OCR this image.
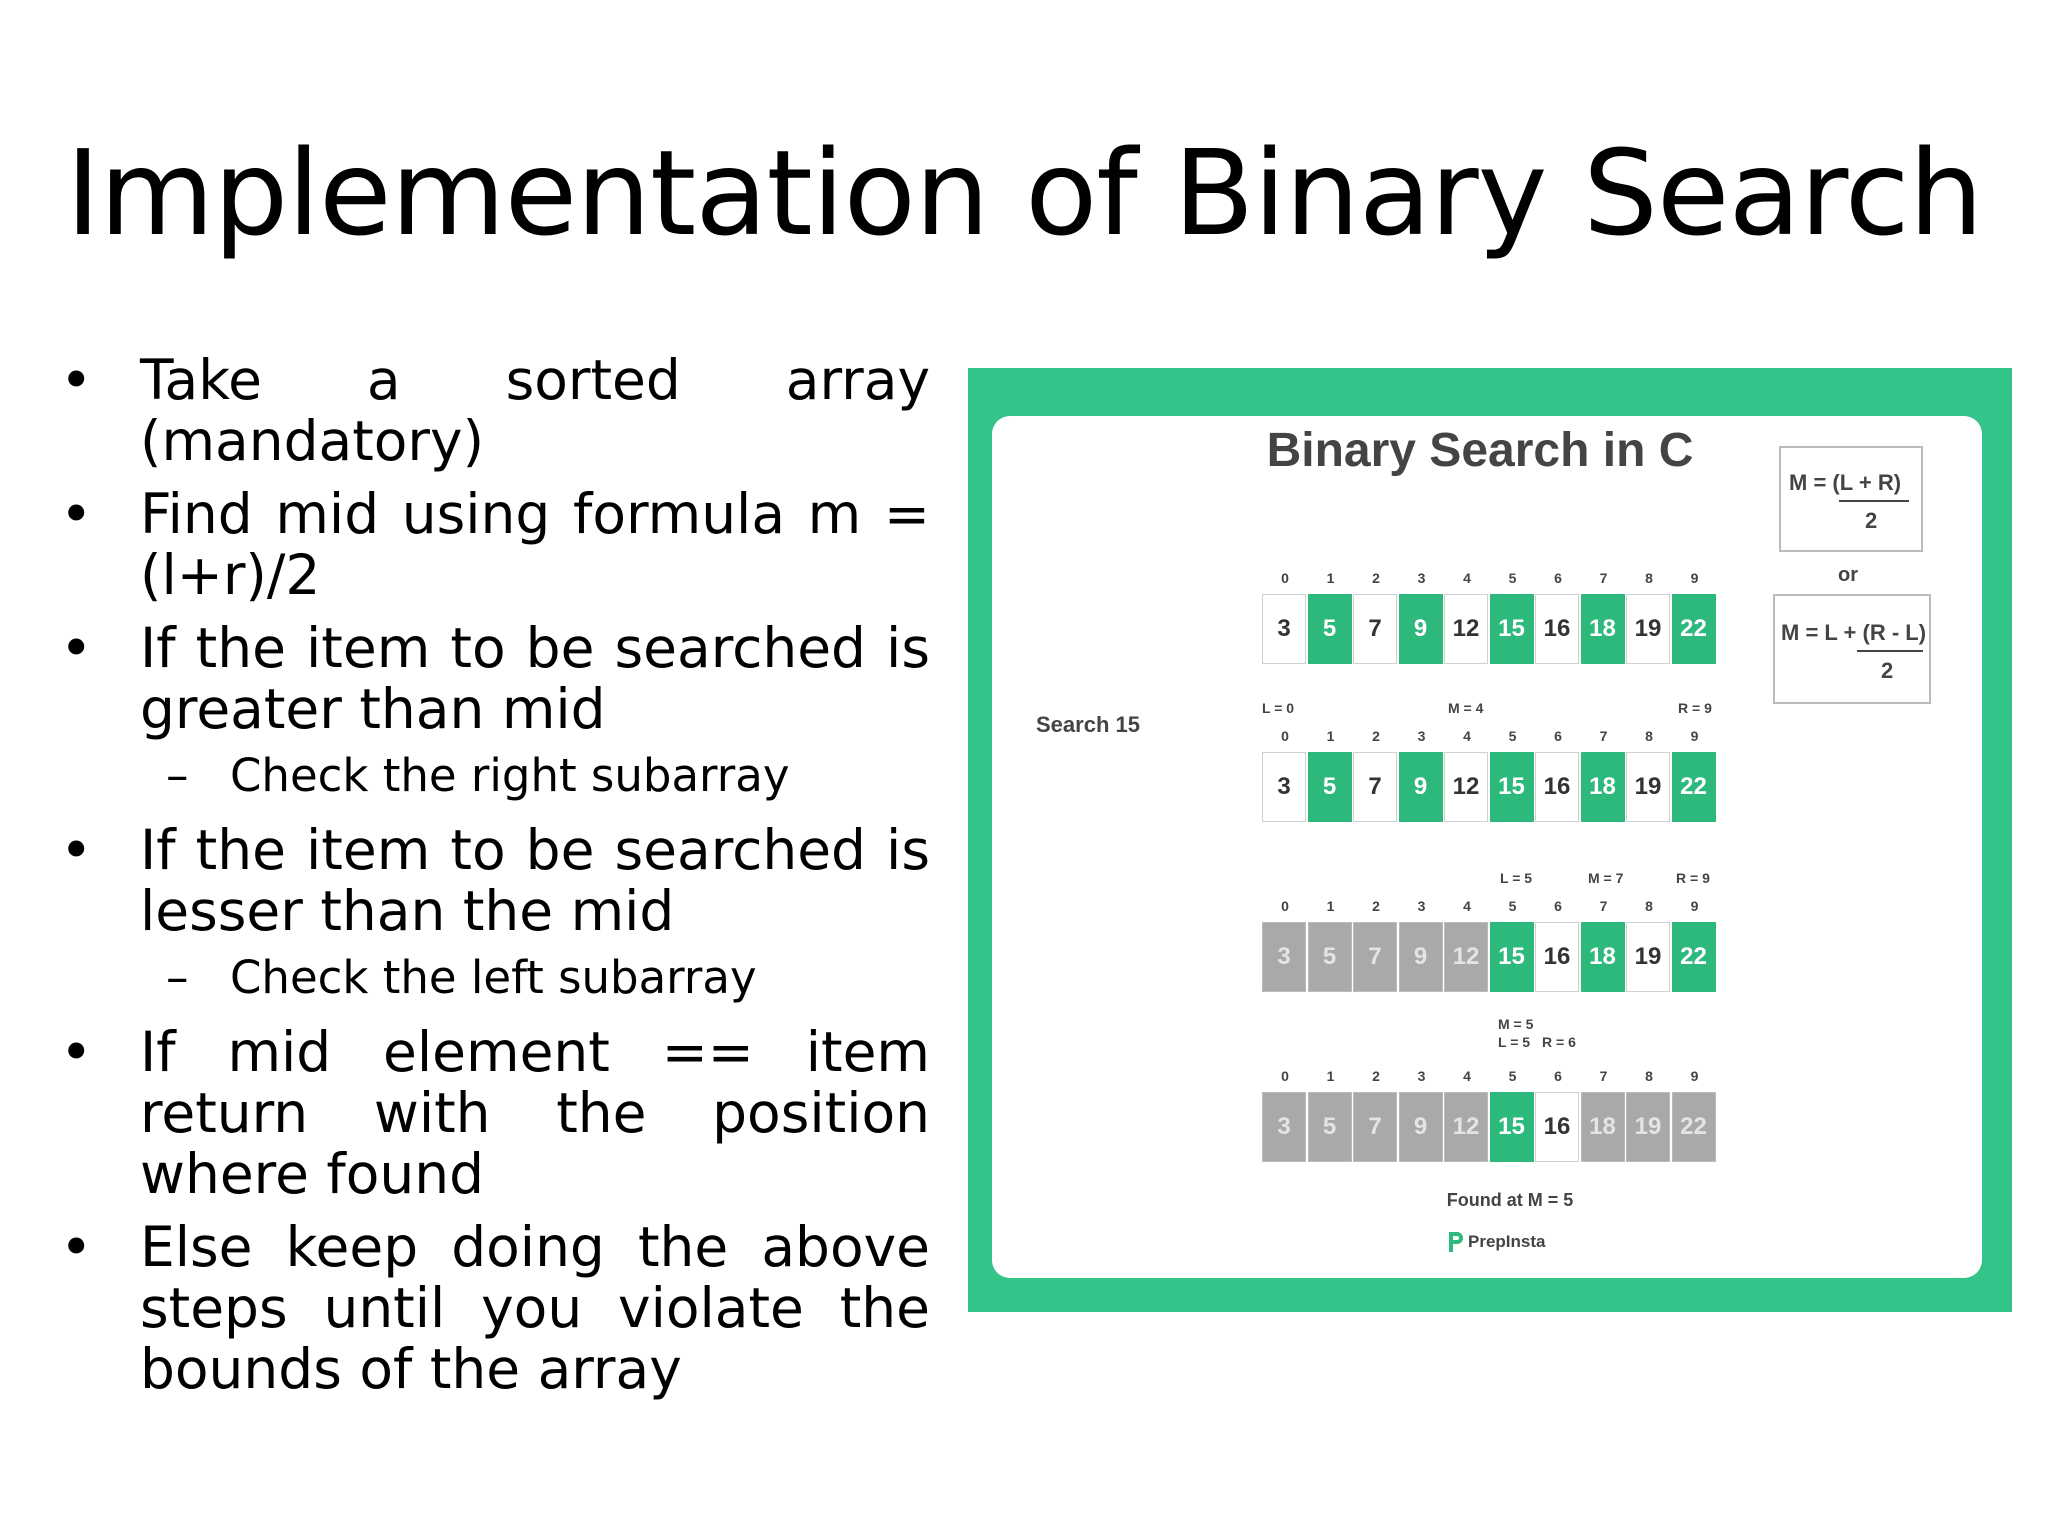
Implementation of Binary Search
• Take a sorted array (mandatory)
• Find mid using formula m = (l+r)/2
• If the item to be searched is greater than mid
– Check the right subarray
• If the item to be searched is lesser than the mid
– Check the left subarray
• If mid element == item return with the position where found
• Else keep doing the above steps until you violate the bounds of the array
Binary Search in C
M = (L + R)
2
or
M = L + (R - L)
2
Search 15
0	1	2	3	4	5	6	7	8	9
3	5	7	9	12 15 16 18 19 22
0	1	2	3	4	5	6	7	8	9
3	5	7	9	12 15 16 18 19 22
L = 0	M = 4	R = 9
0	1	2	3	4	5	6	7	8	9
3	5	7	9	12 15 16 18 19 22
L = 5	M = 7	R = 9
0	1	2	3	4	5	6	7	8	9
3	5	7	9	12 15 16 18 19 22
M = 5
L = 5 R = 6
Found at M = 5
PrepInsta
